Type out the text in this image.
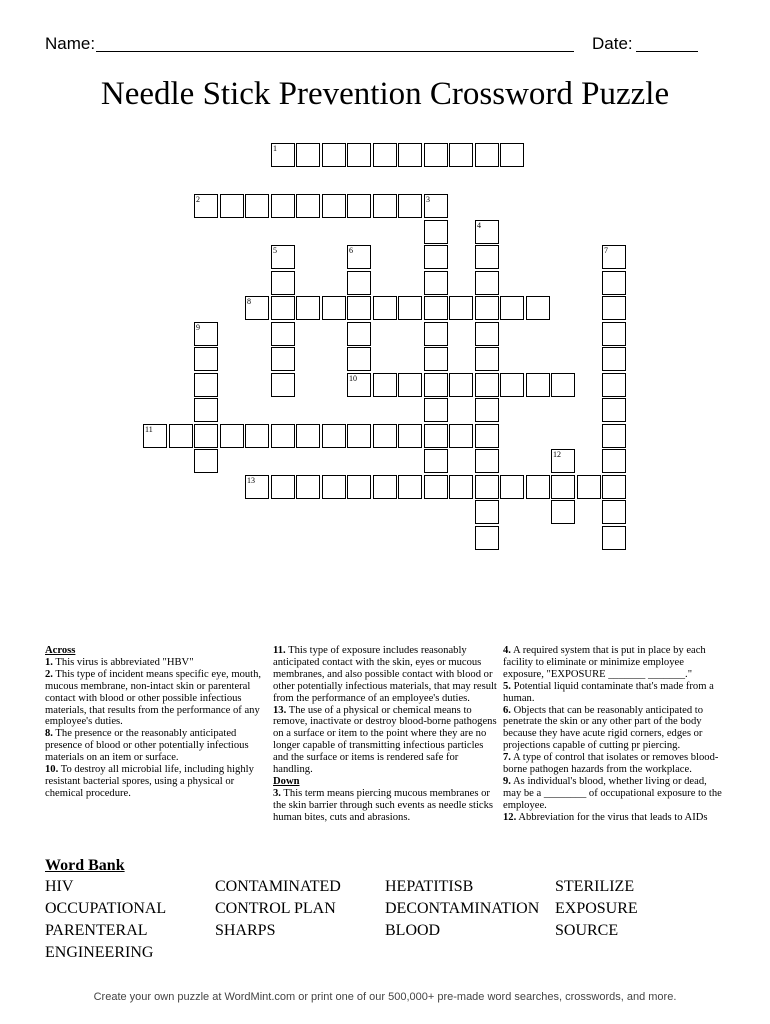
Name:	Date:
Needle Stick Prevention Crossword Puzzle
1
2	3
4
5	6
10
7
8
9
11
12
13

Across

1. This virus is abbreviated "HBV"

2. This type of incident means specific eye, mouth, mucous membrane, non-intact skin or parenteral contact with blood or other possible infectious materials, that results from the performance of any employee's duties.

8. The presence or the reasonably anticipated presence of blood or other potentially infectious materials on an item or surface.

10. To destroy all microbial life, including highly resistant bacterial spores, using a physical or chemical procedure.

11. This type of exposure includes reasonably anticipated contact with the skin, eyes or mucous membranes, and also possible contact with blood or other potentially infectious materials, that may result from the performance of an employee's duties.

13. The use of a physical or chemical means to remove, inactivate or destroy blood-borne pathogens on a surface or item to the point where they are no longer capable of transmitting infectious particles and the surface or items is rendered safe for handling.

Down

3. This term means piercing mucous membranes or the skin barrier through such events as needle sticks human bites, cuts and abrasions.

4. A required system that is put in place by each facility to eliminate or minimize employee exposure, "EXPOSURE _______ _______."

5. Potential liquid contaminate that's made from a human.

6. Objects that can be reasonably anticipated to penetrate the skin or any other part of the body because they have acute rigid corners, edges or projections capable of cutting pr piercing.

7. A type of control that isolates or removes blood-borne pathogen hazards from the workplace.

9. As individual's blood, whether living or dead, may be a ________ of occupational exposure to the employee.

12. Abbreviation for the virus that leads to AIDs

Word Bank
HIV
OCCUPATIONAL
PARENTERAL
ENGINEERING
CONTAMINATED
CONTROL PLAN
SHARPS
HEPATITISB
DECONTAMINATION
BLOOD
STERILIZE
EXPOSURE
SOURCE
Create your own puzzle at WordMint.com or print one of our 500,000+ pre-made word searches, crosswords, and more.
